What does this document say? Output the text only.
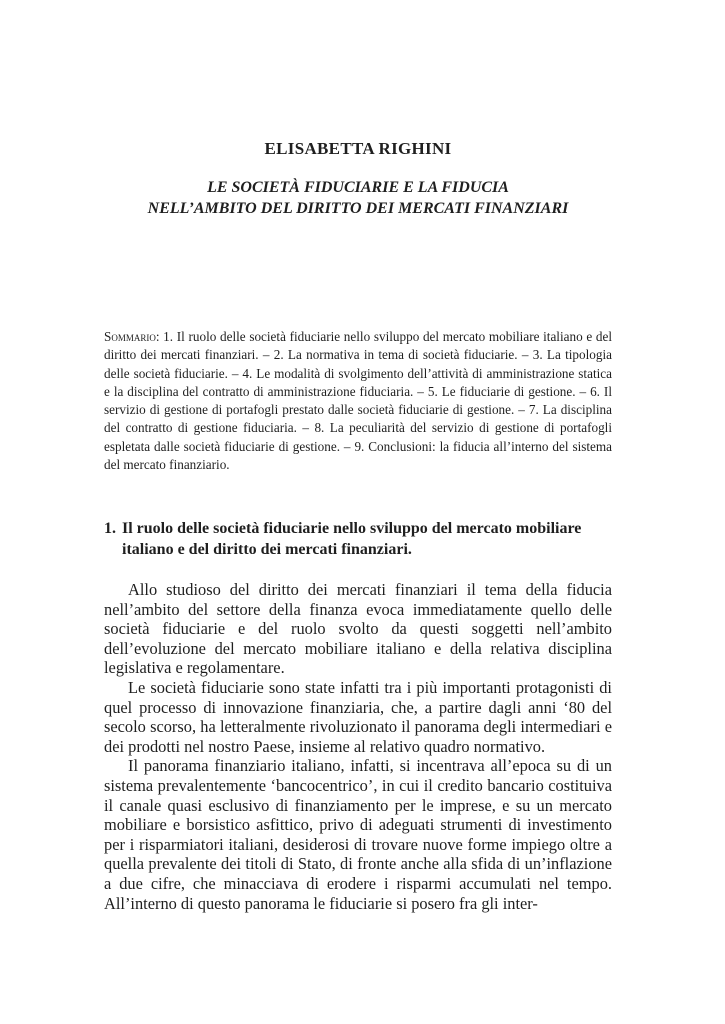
ELISABETTA RIGHINI
LE SOCIETÀ FIDUCIARIE E LA FIDUCIA
NELL’AMBITO DEL DIRITTO DEI MERCATI FINANZIARI

Sommario: 1. Il ruolo delle società fiduciarie nello sviluppo del mercato mobiliare italiano e del diritto dei mercati finanziari. – 2. La normativa in tema di società fiduciarie. – 3. La tipologia delle società fiduciarie. – 4. Le modalità di svolgimento dell’attività di amministrazione statica e la disciplina del contratto di amministrazione fiduciaria. – 5. Le fiduciarie di gestione. – 6. Il servizio di gestione di portafogli prestato dalle società fiduciarie di gestione. – 7. La disciplina del contratto di gestione fiduciaria. – 8. La peculiarità del servizio di gestione di portafogli espletata dalle società fiduciarie di gestione. – 9. Conclusioni: la fiducia all’interno del sistema del mercato finanziario.

1. Il ruolo delle società fiduciarie nello sviluppo del mercato mobiliare italiano e del diritto dei mercati finanziari.

Allo studioso del diritto dei mercati finanziari il tema della fiducia nell’ambito del settore della finanza evoca immediatamente quello delle società fiduciarie e del ruolo svolto da questi soggetti nell’ambito dell’evoluzione del mercato mobiliare italiano e della relativa disciplina legislativa e regolamentare.

Le società fiduciarie sono state infatti tra i più importanti protagonisti di quel processo di innovazione finanziaria, che, a partire dagli anni ‘80 del secolo scorso, ha letteralmente rivoluzionato il panorama degli intermediari e dei prodotti nel nostro Paese, insieme al relativo quadro normativo.

Il panorama finanziario italiano, infatti, si incentrava all’epoca su di un sistema prevalentemente ‘bancocentrico’, in cui il credito bancario costituiva il canale quasi esclusivo di finanziamento per le imprese, e su un mercato mobiliare e borsistico asfittico, privo di adeguati strumenti di investimento per i risparmiatori italiani, desiderosi di trovare nuove forme impiego oltre a quella prevalente dei titoli di Stato, di fronte anche alla sfida di un’inflazione a due cifre, che minacciava di erodere i risparmi accumulati nel tempo. All’interno di questo panorama le fiduciarie si posero fra gli inter-
